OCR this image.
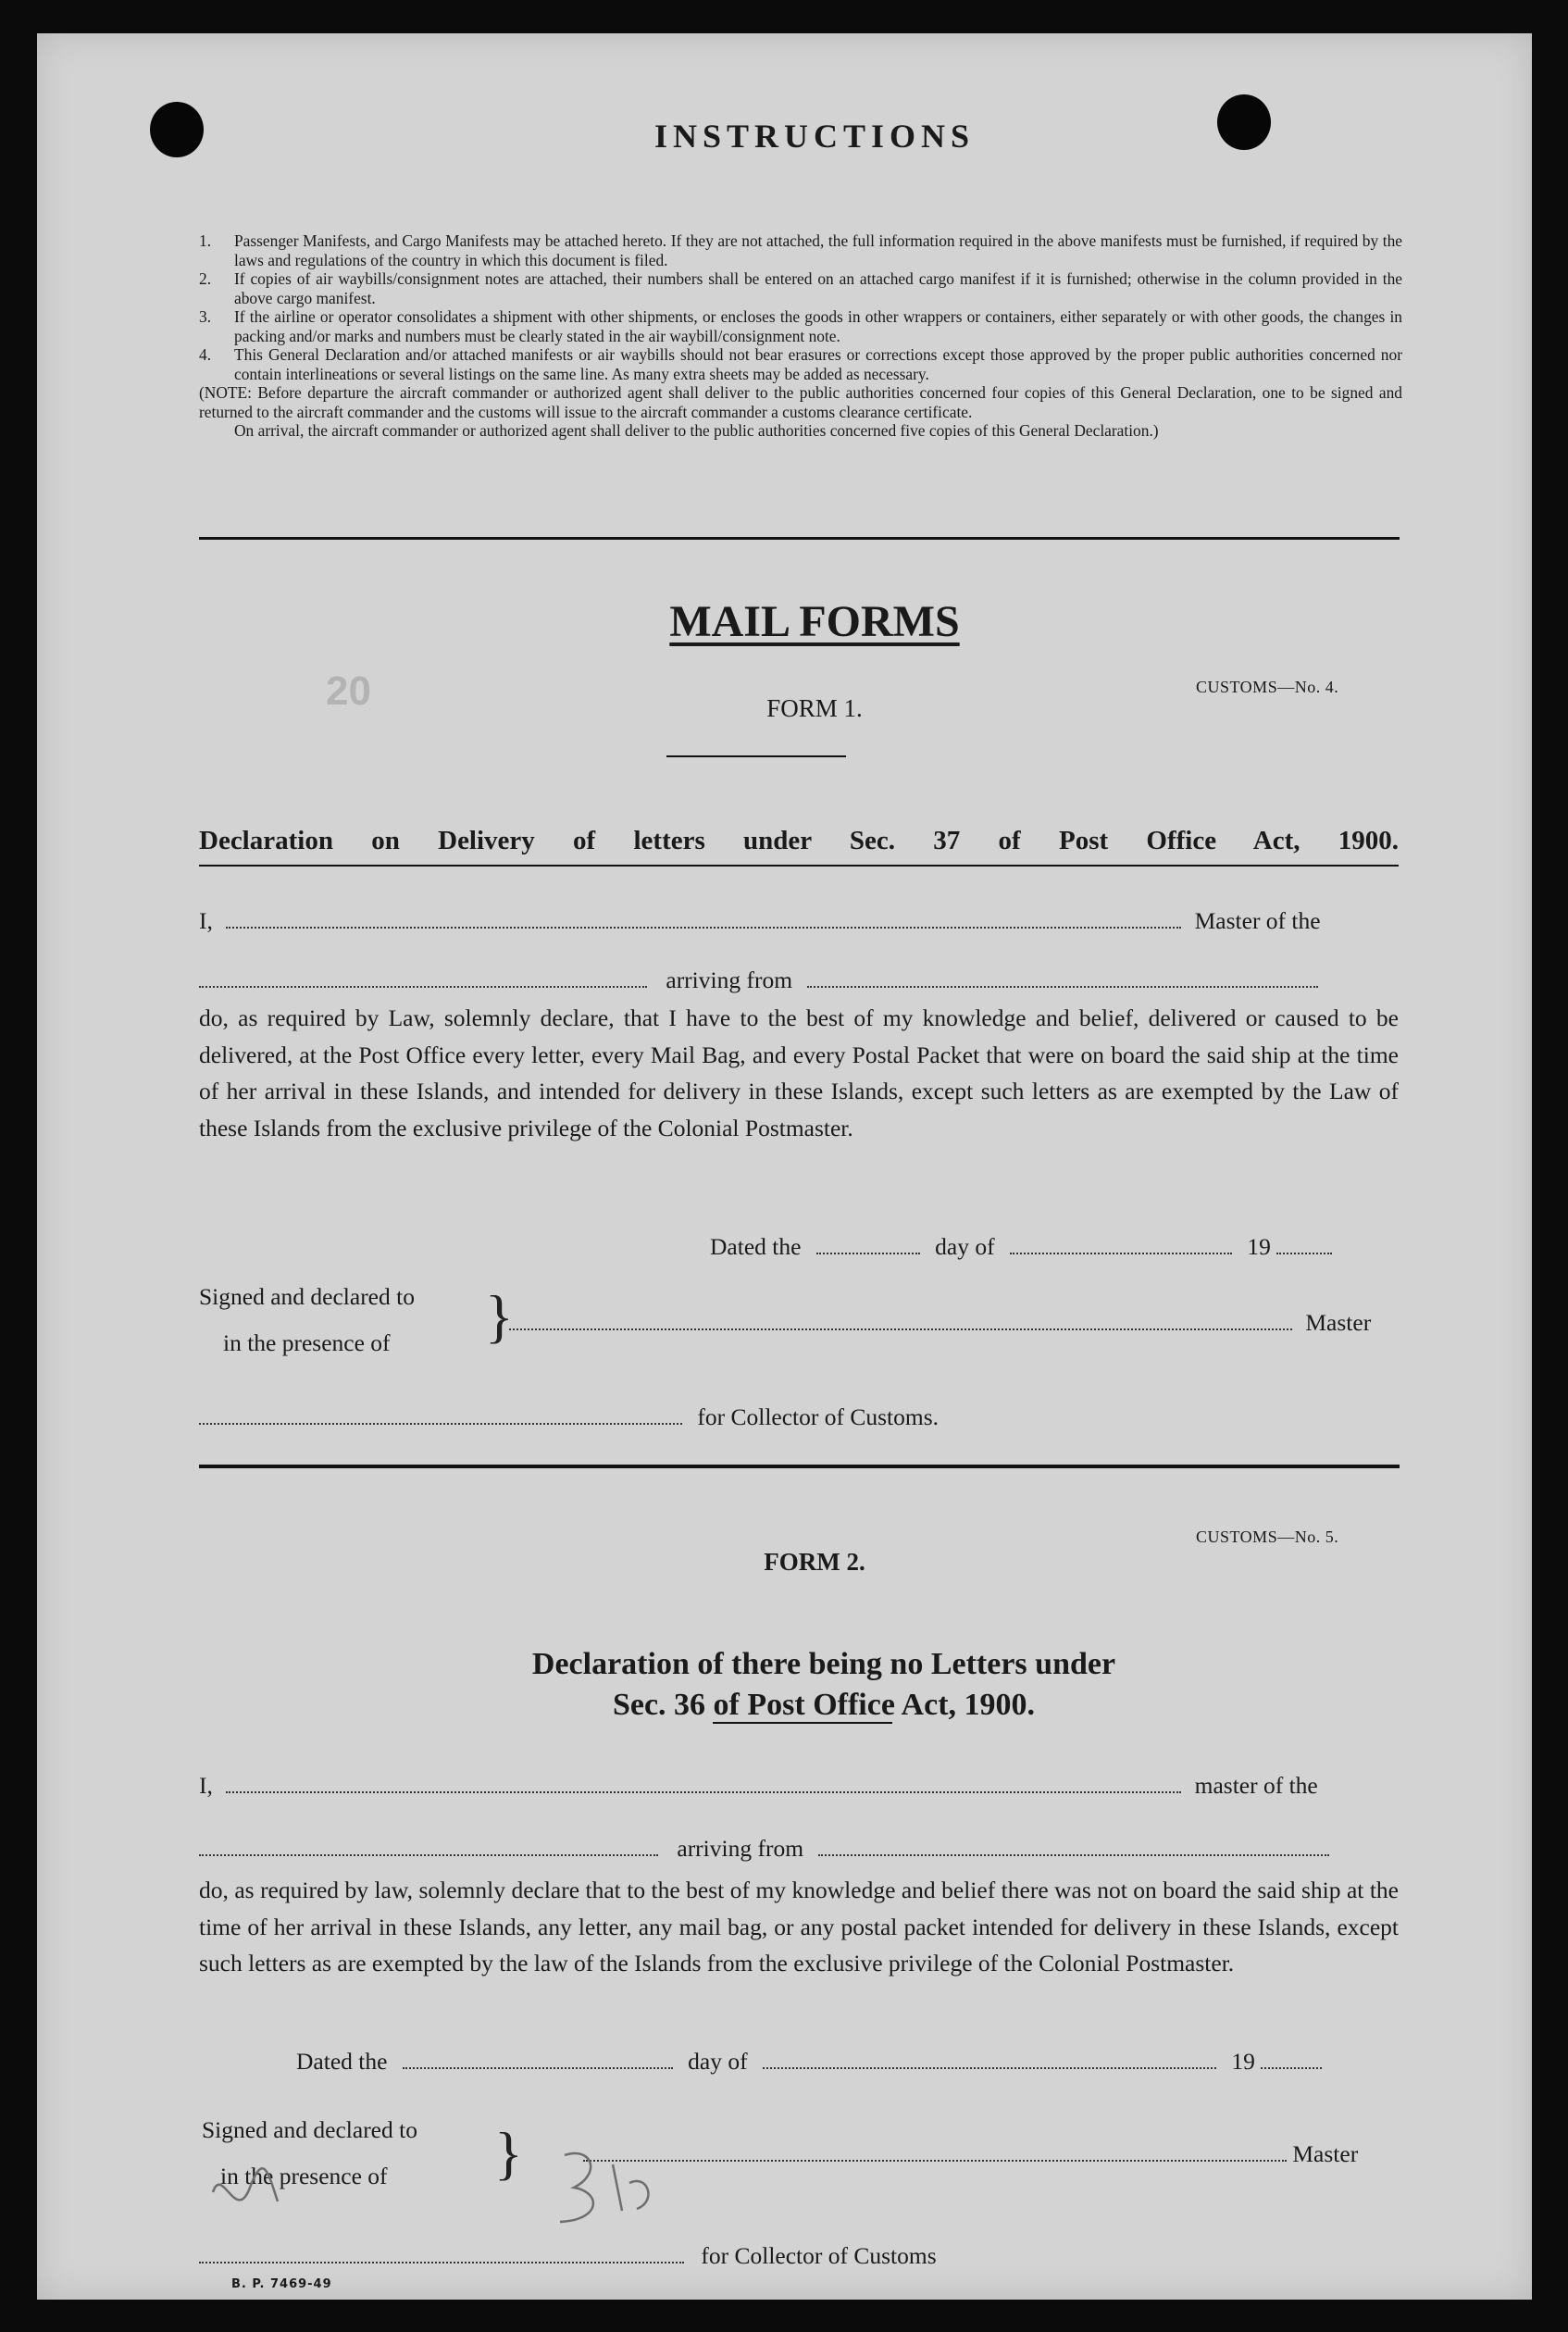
20
INSTRUCTIONS
1. Passenger Manifests, and Cargo Manifests may be attached hereto. If they are not attached, the full information required in the above manifests must be furnished, if required by the laws and regulations of the country in which this document is filed.
2. If copies of air waybills/consignment notes are attached, their numbers shall be entered on an attached cargo manifest if it is furnished; otherwise in the column provided in the above cargo manifest.
3. If the airline or operator consolidates a shipment with other shipments, or encloses the goods in other wrappers or containers, either separately or with other goods, the changes in packing and/or marks and numbers must be clearly stated in the air waybill/consignment note.
4. This General Declaration and/or attached manifests or air waybills should not bear erasures or corrections except those approved by the proper public authorities concerned nor contain interlineations or several listings on the same line. As many extra sheets may be added as necessary.
(NOTE: Before departure the aircraft commander or authorized agent shall deliver to the public authorities concerned four copies of this General Declaration, one to be signed and returned to the aircraft commander and the customs will issue to the aircraft commander a customs clearance certificate.
On arrival, the aircraft commander or authorized agent shall deliver to the public authorities concerned five copies of this General Declaration.)
MAIL FORMS
CUSTOMS—No. 4.
FORM 1.
Declaration on Delivery of letters under Sec. 37 of Post Office Act, 1900.
I,	Master of the
arriving from
do, as required by Law, solemnly declare, that I have to the best of my knowledge and belief, delivered or caused to be delivered, at the Post Office every letter, every Mail Bag, and every Postal Packet that were on board the said ship at the time of her arrival in these Islands, and intended for delivery in these Islands, except such letters as are exempted by the Law of these Islands from the exclusive privilege of the Colonial Postmaster.
Dated the	day of	19
Signed and declared to
in the presence of }	Master
for Collector of Customs.
CUSTOMS—No. 5.
FORM 2.
Declaration of there being no Letters under
Sec. 36 of Post Office Act, 1900.
I,	master of the
arriving from
do, as required by law, solemnly declare that to the best of my knowledge and belief there was not on board the said ship at the time of her arrival in these Islands, any letter, any mail bag, or any postal packet intended for delivery in these Islands, except such letters as are exempted by the law of the Islands from the exclusive privilege of the Colonial Postmaster.
Dated the	day of	19
Signed and declared to
in the presence of }	Master
for Collector of Customs
B. P. 7469-49
